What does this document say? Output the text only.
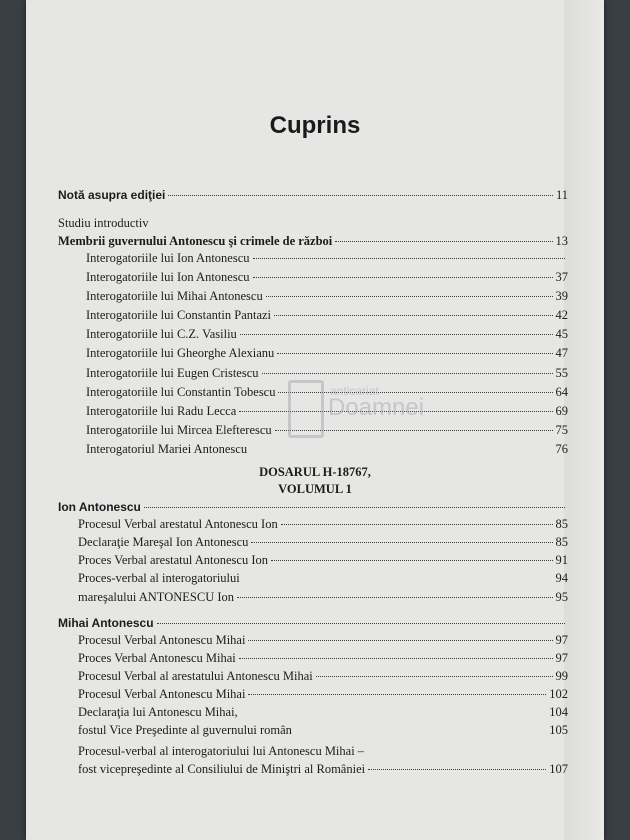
Cuprins
Notă asupra ediţiei	11
Studiu introductiv
Membrii guvernului Antonescu şi crimele de război	13
Interogatoriile lui Ion Antonescu
Interogatoriile lui Ion Antonescu	37
Interogatoriile lui Mihai Antonescu	39
Interogatoriile lui Constantin Pantazi	42
Interogatoriile lui C.Z. Vasiliu	45
Interogatoriile lui Gheorghe Alexianu	47
Interogatoriile lui Eugen Cristescu	55
Interogatoriile lui Constantin Tobescu	64
Interogatoriile lui Radu Lecca	69
Interogatoriile lui Mircea Elefterescu	75
Interogatoriul Mariei Antonescu	76
DOSARUL H-18767,
VOLUMUL 1
Ion Antonescu
Procesul Verbal arestatul Antonescu Ion	85
Declaraţie Mareşal Ion Antonescu	85
Proces Verbal arestatul Antonescu Ion	91
Proces-verbal al interogatoriului	94
mareşalului ANTONESCU Ion	95
Mihai Antonescu
Procesul Verbal Antonescu Mihai	97
Proces Verbal Antonescu Mihai	97
Procesul Verbal al arestatului Antonescu Mihai	99
Procesul Verbal Antonescu Mihai	102
Declaraţia lui Antonescu Mihai,	104
fostul Vice Preşedinte al guvernului român	105
Procesul-verbal al interogatoriului lui Antonescu Mihai –
fost vicepreşedinte al Consiliului de Miniştri al României	107
anticariat
Doamnei
